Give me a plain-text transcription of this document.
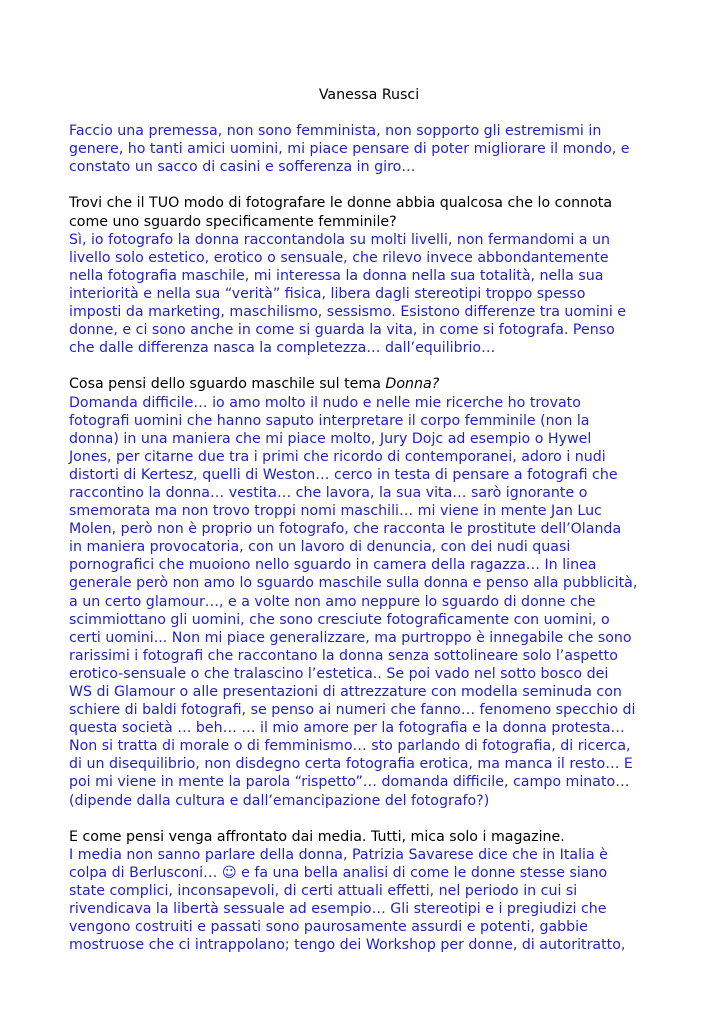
Vanessa Rusci
Faccio una premessa, non sono femminista, non sopporto gli estremismi in
genere, ho tanti amici uomini, mi piace pensare di poter migliorare il mondo, e
constato un sacco di casini e sofferenza in giro…
Trovi che il TUO modo di fotografare le donne abbia qualcosa che lo connota
come uno sguardo specificamente femminile?
Sì, io fotografo la donna raccontandola su molti livelli, non fermandomi a un
livello solo estetico, erotico o sensuale, che rilevo invece abbondantemente
nella fotografia maschile, mi interessa la donna nella sua totalità, nella sua
interiorità e nella sua “verità” fisica, libera dagli stereotipi troppo spesso
imposti da marketing, maschilismo, sessismo. Esistono differenze tra uomini e
donne, e ci sono anche in come si guarda la vita, in come si fotografa. Penso
che dalle differenza nasca la completezza… dall’equilibrio…
Cosa pensi dello sguardo maschile sul tema Donna?
Domanda difficile… io amo molto il nudo e nelle mie ricerche ho trovato
fotografi uomini che hanno saputo interpretare il corpo femminile (non la
donna) in una maniera che mi piace molto, Jury Dojc ad esempio o Hywel
Jones, per citarne due tra i primi che ricordo di contemporanei, adoro i nudi
distorti di Kertesz, quelli di Weston… cerco in testa di pensare a fotografi che
raccontino la donna… vestita… che lavora, la sua vita… sarò ignorante o
smemorata ma non trovo troppi nomi maschili… mi viene in mente Jan Luc
Molen, però non è proprio un fotografo, che racconta le prostitute dell’Olanda
in maniera provocatoria, con un lavoro di denuncia, con dei nudi quasi
pornografici che muoiono nello sguardo in camera della ragazza… In linea
generale però non amo lo sguardo maschile sulla donna e penso alla pubblicità,
a un certo glamour…, e a volte non amo neppure lo sguardo di donne che
scimmiottano gli uomini, che sono cresciute fotograficamente con uomini, o
certi uomini... Non mi piace generalizzare, ma purtroppo è innegabile che sono
rarissimi i fotografi che raccontano la donna senza sottolineare solo l’aspetto
erotico-sensuale o che tralascino l’estetica.. Se poi vado nel sotto bosco dei
WS di Glamour o alle presentazioni di attrezzature con modella seminuda con
schiere di baldi fotografi, se penso ai numeri che fanno… fenomeno specchio di
questa società … beh… … il mio amore per la fotografia e la donna protesta…
Non si tratta di morale o di femminismo… sto parlando di fotografia, di ricerca,
di un disequilibrio, non disdegno certa fotografia erotica, ma manca il resto… E
poi mi viene in mente la parola “rispetto”… domanda difficile, campo minato…
(dipende dalla cultura e dall’emancipazione del fotografo?)
E come pensi venga affrontato dai media. Tutti, mica solo i magazine.
I media non sanno parlare della donna, Patrizia Savarese dice che in Italia è
colpa di Berlusconi… ☺ e fa una bella analisi di come le donne stesse siano
state complici, inconsapevoli, di certi attuali effetti, nel periodo in cui si
rivendicava la libertà sessuale ad esempio… Gli stereotipi e i pregiudizi che
vengono costruiti e passati sono paurosamente assurdi e potenti, gabbie
mostruose che ci intrappolano; tengo dei Workshop per donne, di autoritratto,
